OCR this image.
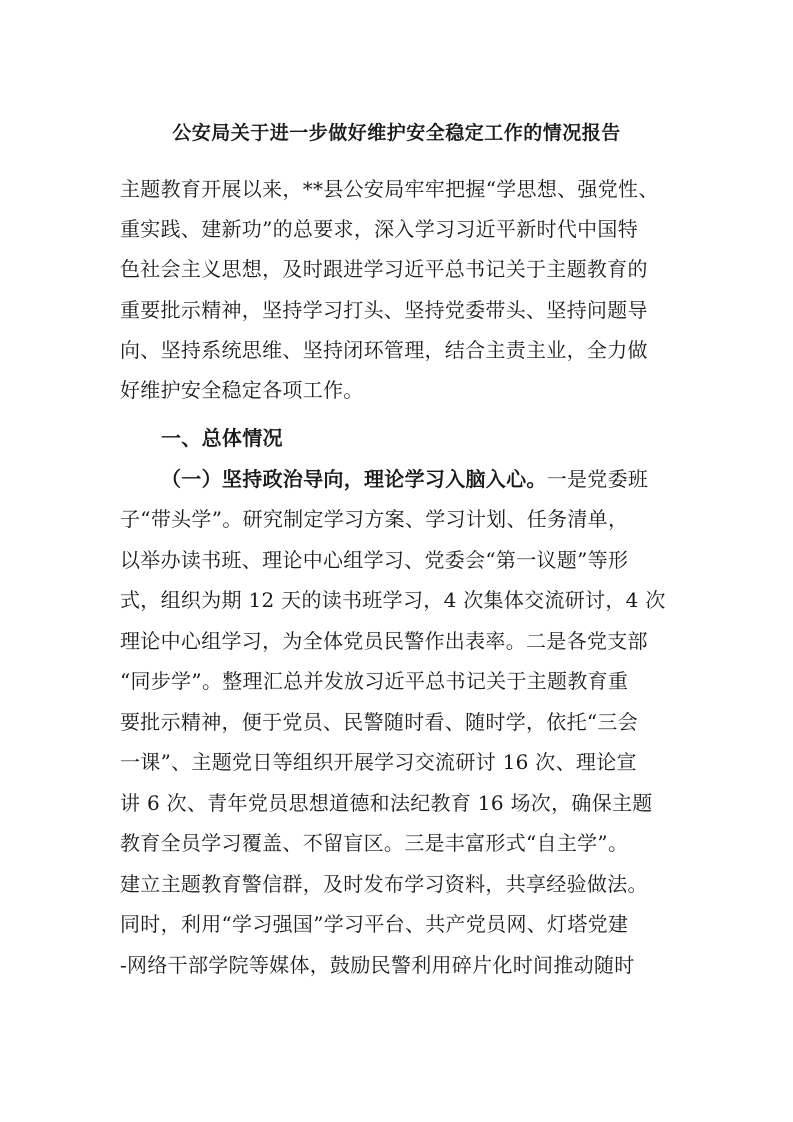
公安局关于进一步做好维护安全稳定工作的情况报告
主题教育开展以来，**县公安局牢牢把握“学思想、强党性、
重实践、建新功”的总要求，深入学习习近平新时代中国特
色社会主义思想，及时跟进学习近平总书记关于主题教育的
重要批示精神，坚持学习打头、坚持党委带头、坚持问题导
向、坚持系统思维、坚持闭环管理，结合主责主业，全力做
好维护安全稳定各项工作。
一、总体情况
（一）坚持政治导向，理论学习入脑入心。一是党委班
子“带头学”。研究制定学习方案、学习计划、任务清单，
以举办读书班、理论中心组学习、党委会“第一议题”等形
式，组织为期 12 天的读书班学习，4 次集体交流研讨，4 次
理论中心组学习，为全体党员民警作出表率。二是各党支部
“同步学”。整理汇总并发放习近平总书记关于主题教育重
要批示精神，便于党员、民警随时看、随时学，依托“三会
一课”、主题党日等组织开展学习交流研讨 16 次、理论宣
讲 6 次、青年党员思想道德和法纪教育 16 场次，确保主题
教育全员学习覆盖、不留盲区。三是丰富形式“自主学”。
建立主题教育警信群，及时发布学习资料，共享经验做法。
同时，利用“学习强国”学习平台、共产党员网、灯塔党建
-网络干部学院等媒体，鼓励民警利用碎片化时间推动随时
